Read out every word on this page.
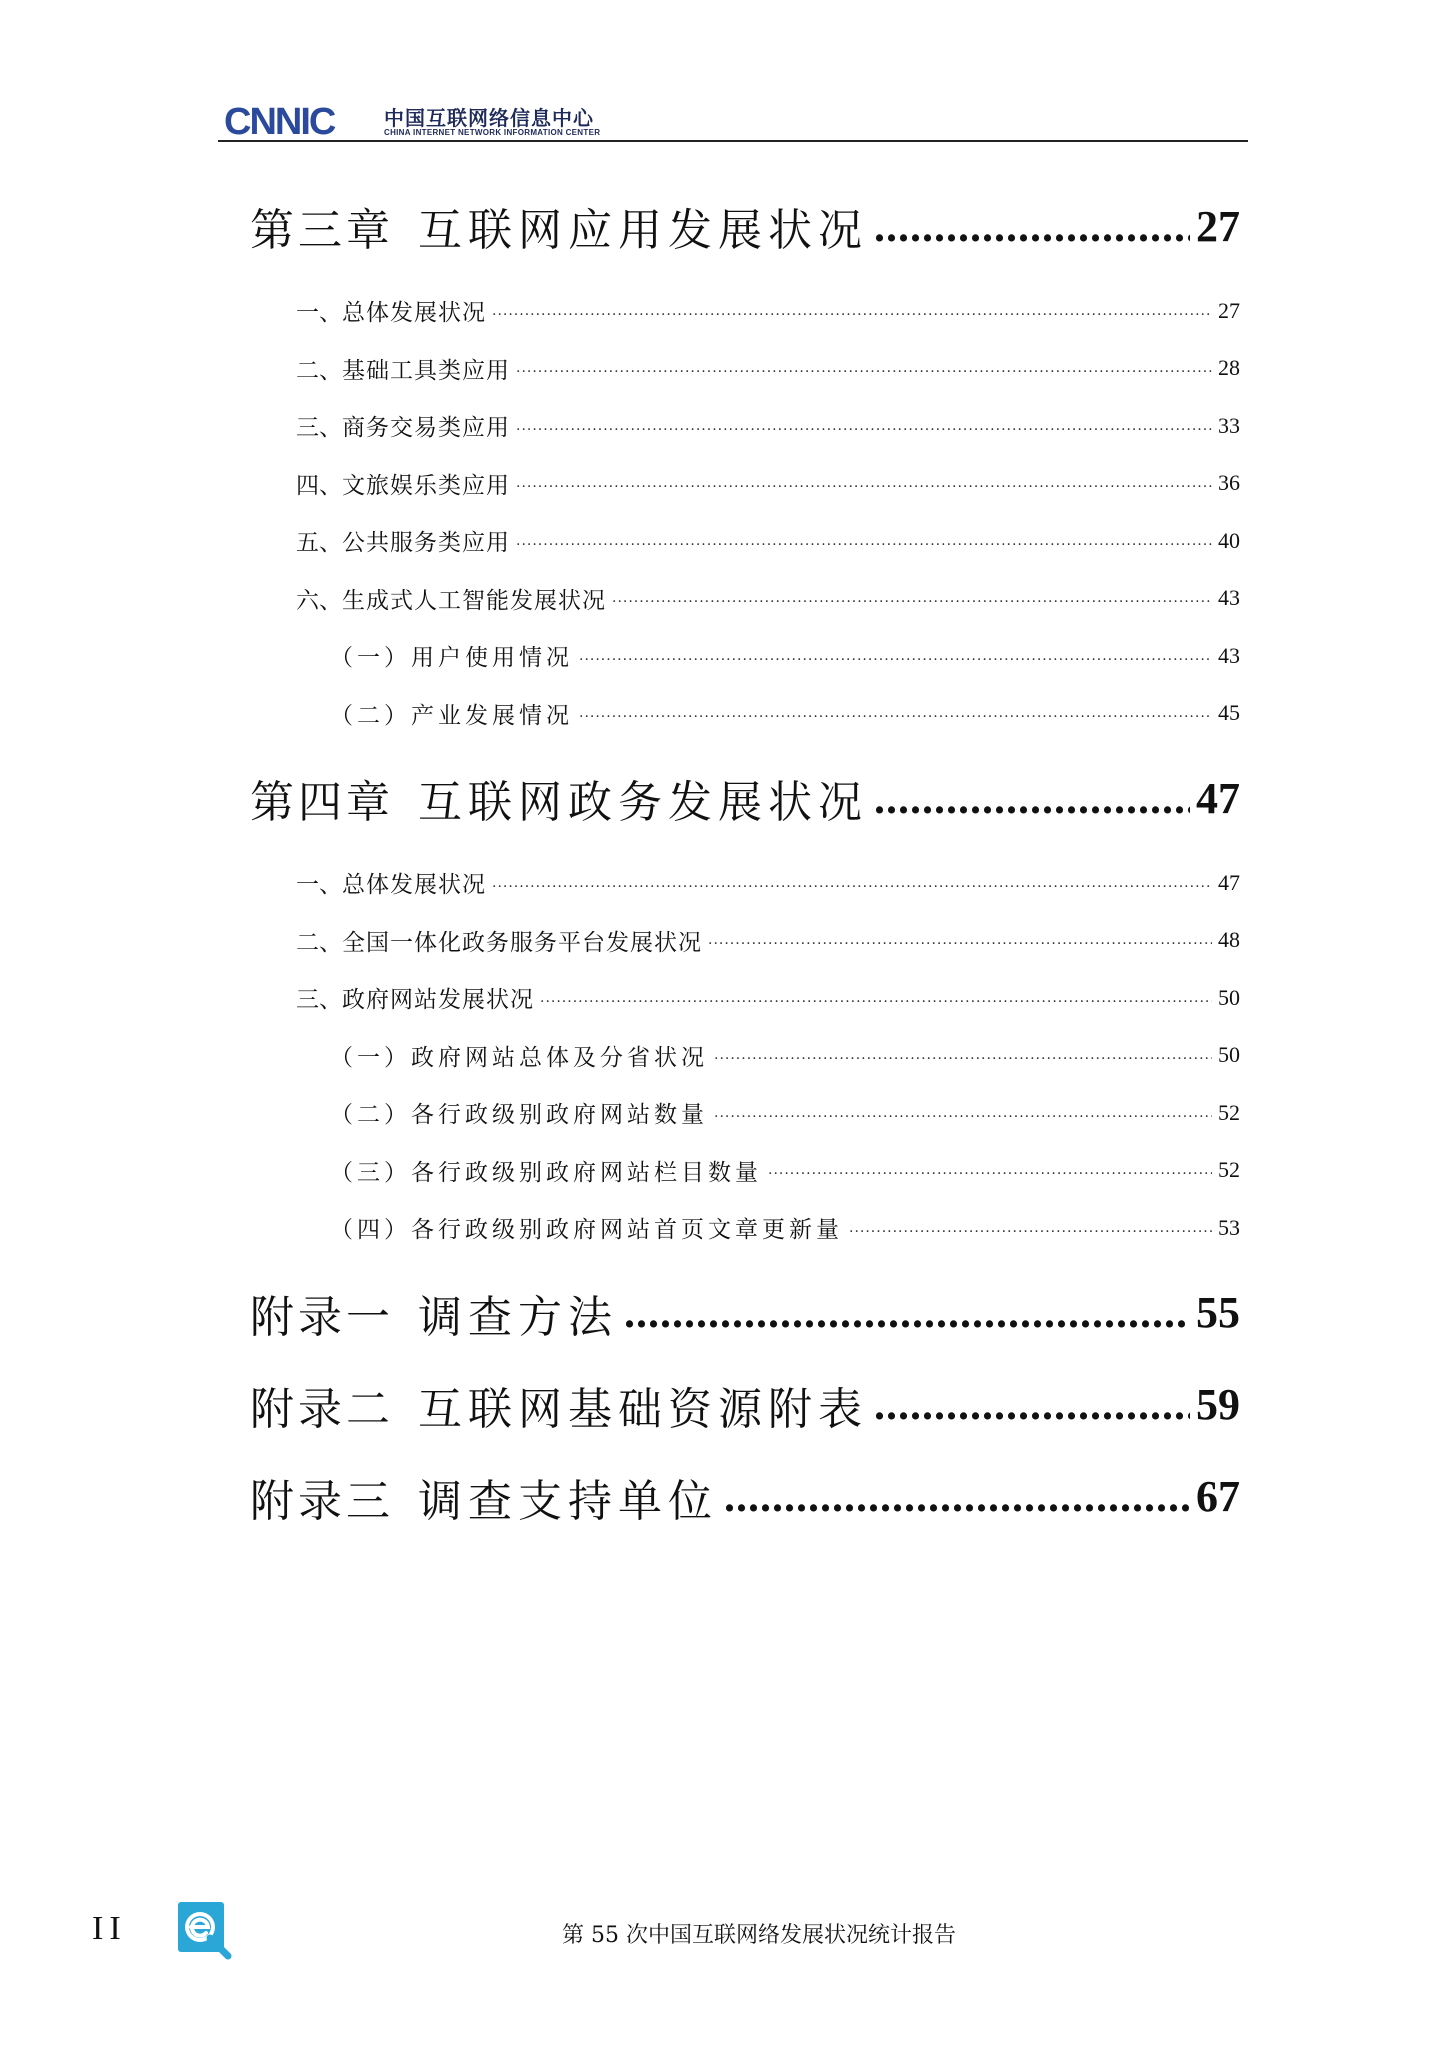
CNNIC 中国互联网络信息中心
CHINA INTERNET NETWORK INFORMATION CENTER
第三章 互联网应用发展状况 .....	27
一、 总体发展状况 .....	27
二、 基础工具类应用 .....	28
三、 商务交易类应用 .....	33
四、 文旅娱乐类应用 .....	36
五、 公共服务类应用 .....	40
六、 生成式人工智能发展状况 .....	43
（一） 用户使用情况 .....	43
（二） 产业发展情况 .....	45
第四章 互联网政务发展状况 .....	47
一、 总体发展状况 .....	47
二、 全国一体化政务服务平台发展状况 .....	48
三、 政府网站发展状况 .....	50
（一） 政府网站总体及分省状况 .....	50
（二） 各行政级别政府网站数量 .....	52
（三） 各行政级别政府网站栏目数量 .....	52
（四） 各行政级别政府网站首页文章更新量 .....	53
附录一 调查方法 .....	55
附录二 互联网基础资源附表 .....	59
附录三 调查支持单位 .....	67
II	第 55 次中国互联网络发展状况统计报告
